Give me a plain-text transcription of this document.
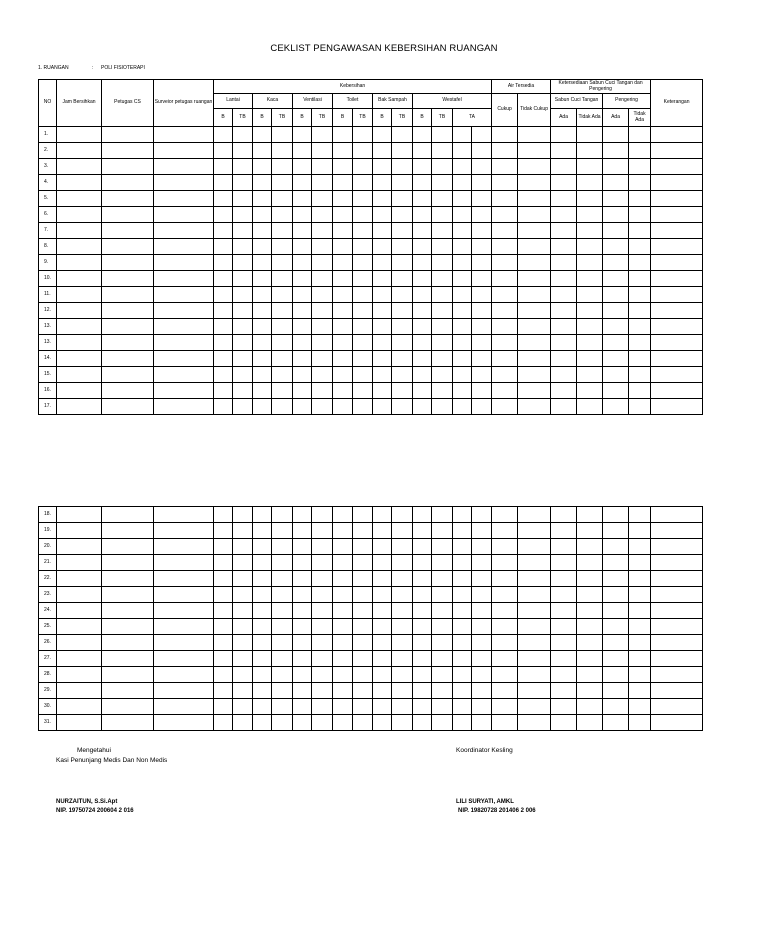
CEKLIST PENGAWASAN KEBERSIHAN RUANGAN
1. RUANGAN	: POLI FISIOTERAPI
NO	Jam Bersihkan	Petugas CS	Surveior petugas ruangan	Kebersihan														Air Tersedia		Ketersediaan Sabun Cuci Tangan dan Pengering				Keterangan
				Lantai		Kaca		Ventilasi		Toilet		Bak Sampah		Westafel				Cukup	Tidak Cukup	Sabun Cuci Tangan		Pengering		
				B	TB	B	TB	B	TB	B	TB	B	TB	B	TB	TA				Ada	Tidak Ada	Ada	Tidak Ada	
1.																								
2.																								
3.																								
4.																								
5.																								
6.																								
7.																								
8.																								
9.																								
10.																								
11.																								
12.																								
13.																								
13.																								
14.																								
15.																								
16.																								
17.																								
18.																								
19.																								
20.																								
21.																								
22.																								
23.																								
24.																								
25.																								
26.																								
27.																								
28.																								
29.																								
30.																								
31.																								
Mengetahui
Kasi Penunjang Medis Dan Non Medis
Koordinator Kesling
NURZAITUN, S.Si.Apt
NIP. 19750724 200604 2 016
LILI SURYATI, AMKL
NIP. 19820728 201406 2 006
